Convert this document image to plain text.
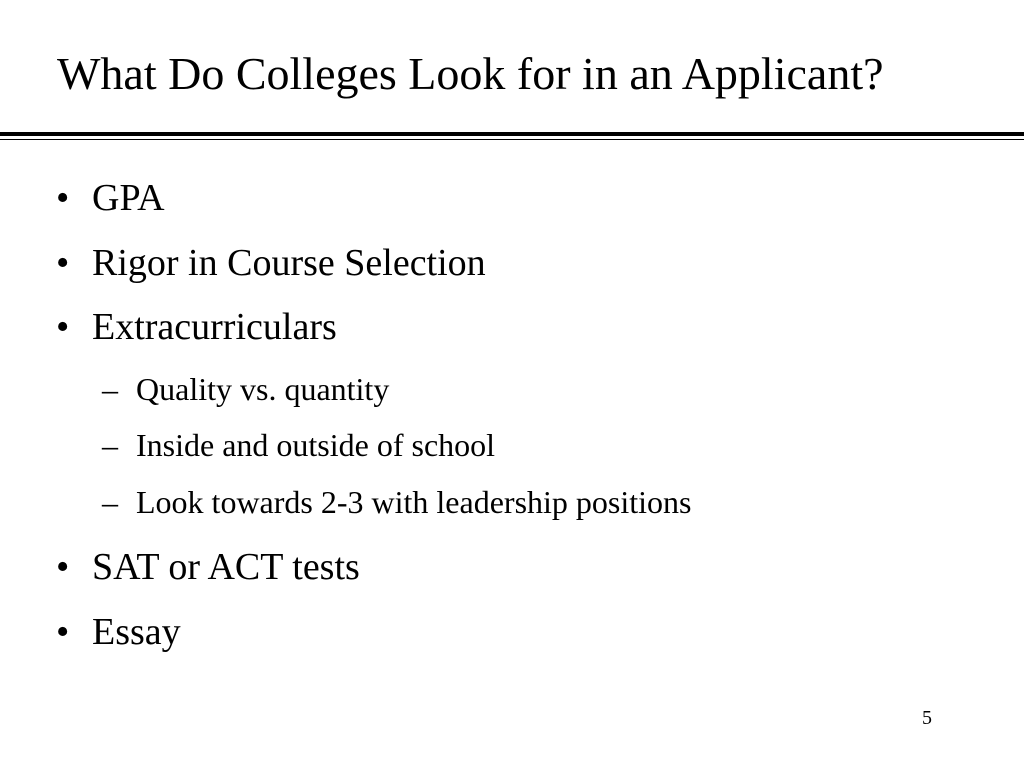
What Do Colleges Look for in an Applicant?
• GPA
• Rigor in Course Selection
• Extracurriculars
– Quality vs. quantity
– Inside and outside of school
– Look towards 2-3 with leadership positions
• SAT or ACT tests
• Essay
5
